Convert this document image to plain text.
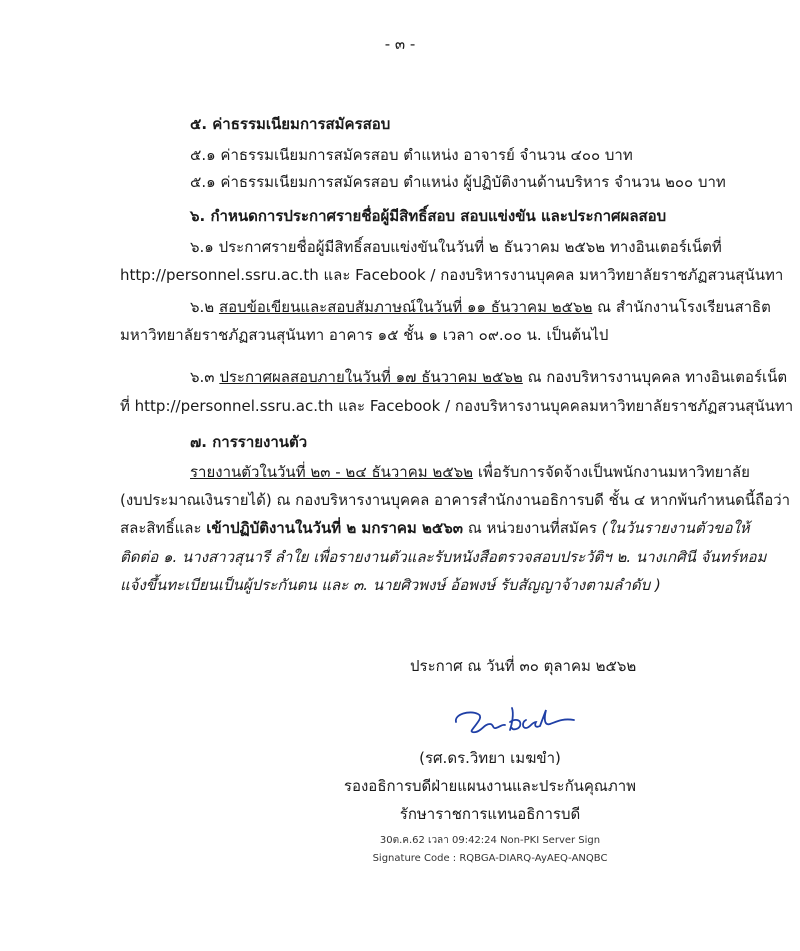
- ๓ -
๕. ค่าธรรมเนียมการสมัครสอบ
๕.๑ ค่าธรรมเนียมการสมัครสอบ ตำแหน่ง อาจารย์ จำนวน ๔๐๐ บาท
๕.๑ ค่าธรรมเนียมการสมัครสอบ ตำแหน่ง ผู้ปฏิบัติงานด้านบริหาร จำนวน ๒๐๐ บาท
๖. กำหนดการประกาศรายชื่อผู้มีสิทธิ์สอบ สอบแข่งขัน และประกาศผลสอบ
๖.๑ ประกาศรายชื่อผู้มีสิทธิ์สอบแข่งขันในวันที่ ๒ ธันวาคม ๒๕๖๒ ทางอินเตอร์เน็ตที่
http://personnel.ssru.ac.th และ Facebook / กองบริหารงานบุคคล มหาวิทยาลัยราชภัฏสวนสุนันทา
๖.๒ สอบข้อเขียนและสอบสัมภาษณ์ในวันที่ ๑๑ ธันวาคม ๒๕๖๒ ณ สำนักงานโรงเรียนสาธิต
มหาวิทยาลัยราชภัฏสวนสุนันทา อาคาร ๑๕ ชั้น ๑ เวลา ๐๙.๐๐ น. เป็นต้นไป
๖.๓ ประกาศผลสอบภายในวันที่ ๑๗ ธันวาคม ๒๕๖๒ ณ กองบริหารงานบุคคล ทางอินเตอร์เน็ต
ที่ http://personnel.ssru.ac.th และ Facebook / กองบริหารงานบุคคลมหาวิทยาลัยราชภัฏสวนสุนันทา
๗. การรายงานตัว
รายงานตัวในวันที่ ๒๓ - ๒๔ ธันวาคม ๒๕๖๒ เพื่อรับการจัดจ้างเป็นพนักงานมหาวิทยาลัย
(งบประมาณเงินรายได้) ณ กองบริหารงานบุคคล อาคารสำนักงานอธิการบดี ชั้น ๔ หากพ้นกำหนดนี้ถือว่า
สละสิทธิ์และ เข้าปฏิบัติงานในวันที่ ๒ มกราคม ๒๕๖๓ ณ หน่วยงานที่สมัคร (ในวันรายงานตัวขอให้
ติดต่อ ๑. นางสาวสุนารี ลำใย เพื่อรายงานตัวและรับหนังสือตรวจสอบประวัติฯ ๒. นางเกศินี จันทร์หอม
แจ้งขึ้นทะเบียนเป็นผู้ประกันตน และ ๓. นายศิวพงษ์ อ้อพงษ์ รับสัญญาจ้างตามลำดับ )
ประกาศ ณ วันที่ ๓๐ ตุลาคม ๒๕๖๒
(รศ.ดร.วิทยา เมฆขำ)
รองอธิการบดีฝ่ายแผนงานและประกันคุณภาพ
รักษาราชการแทนอธิการบดี
30ต.ค.62 เวลา 09:42:24 Non-PKI Server Sign
Signature Code : RQBGA-DIARQ-AyAEQ-ANQBC
